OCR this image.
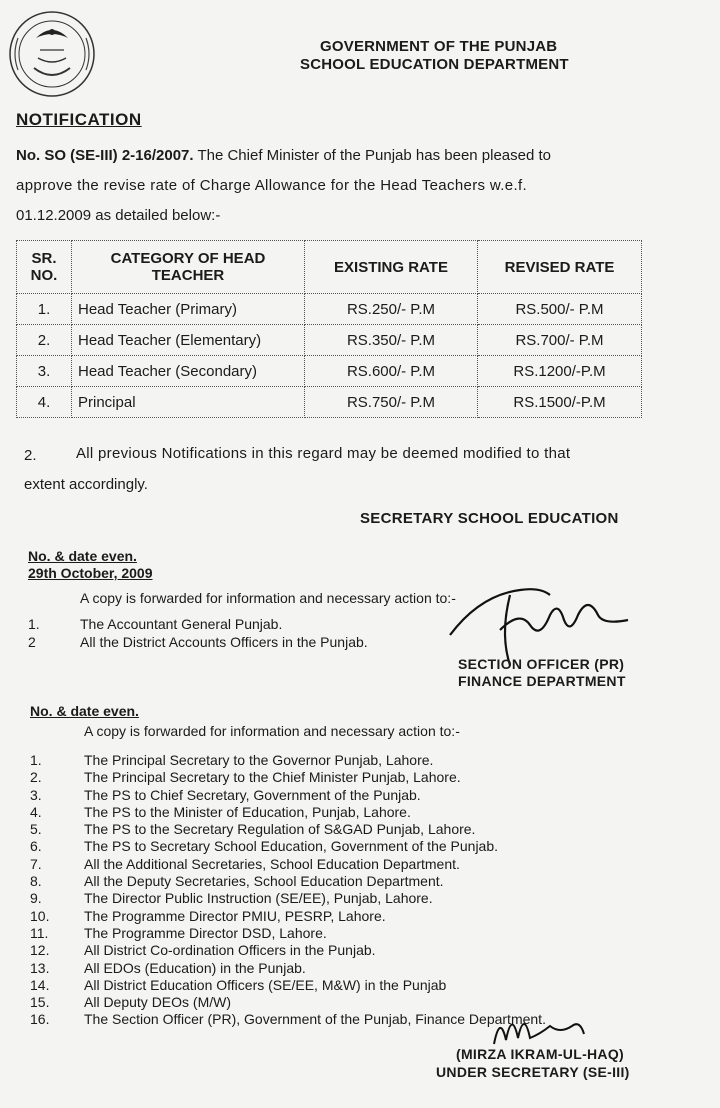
GOVERNMENT OF THE PUNJAB
SCHOOL EDUCATION DEPARTMENT
NOTIFICATION
No. SO (SE-III) 2-16/2007. The Chief Minister of the Punjab has been pleased to
approve the revise rate of Charge Allowance for the Head Teachers w.e.f.
01.12.2009 as detailed below:-
SR. NO.	CATEGORY OF HEAD TEACHER	EXISTING RATE	REVISED RATE
1.	Head Teacher (Primary)	RS.250/- P.M	RS.500/- P.M
2.	Head Teacher (Elementary)	RS.350/- P.M	RS.700/- P.M
3.	Head Teacher (Secondary)	RS.600/- P.M	RS.1200/-P.M
4.	Principal	RS.750/- P.M	RS.1500/-P.M
2.	All previous Notifications in this regard may be deemed modified to that
extent accordingly.
SECRETARY SCHOOL EDUCATION
No. & date even.
29th October, 2009
A copy is forwarded for information and necessary action to:-
1.	The Accountant General Punjab.
2	All the District Accounts Officers in the Punjab.
SECTION OFFICER (PR)
FINANCE DEPARTMENT
No. & date even.
A copy is forwarded for information and necessary action to:-
1.	The Principal Secretary to the Governor Punjab, Lahore.
2.	The Principal Secretary to the Chief Minister Punjab, Lahore.
3.	The PS to Chief Secretary, Government of the Punjab.
4.	The PS to the Minister of Education, Punjab, Lahore.
5.	The PS to the Secretary Regulation of S&GAD Punjab, Lahore.
6.	The PS to Secretary School Education, Government of the Punjab.
7.	All the Additional Secretaries, School Education Department.
8.	All the Deputy Secretaries, School Education Department.
9.	The Director Public Instruction (SE/EE), Punjab, Lahore.
10. The Programme Director PMIU, PESRP, Lahore.
11.	The Programme Director DSD, Lahore.
12. All District Co-ordination Officers in the Punjab.
13. All EDOs (Education) in the Punjab.
14. All District Education Officers (SE/EE, M&W) in the Punjab
15. All Deputy DEOs (M/W)
16. The Section Officer (PR), Government of the Punjab, Finance Department.
(MIRZA IKRAM-UL-HAQ)
UNDER SECRETARY (SE-III)
